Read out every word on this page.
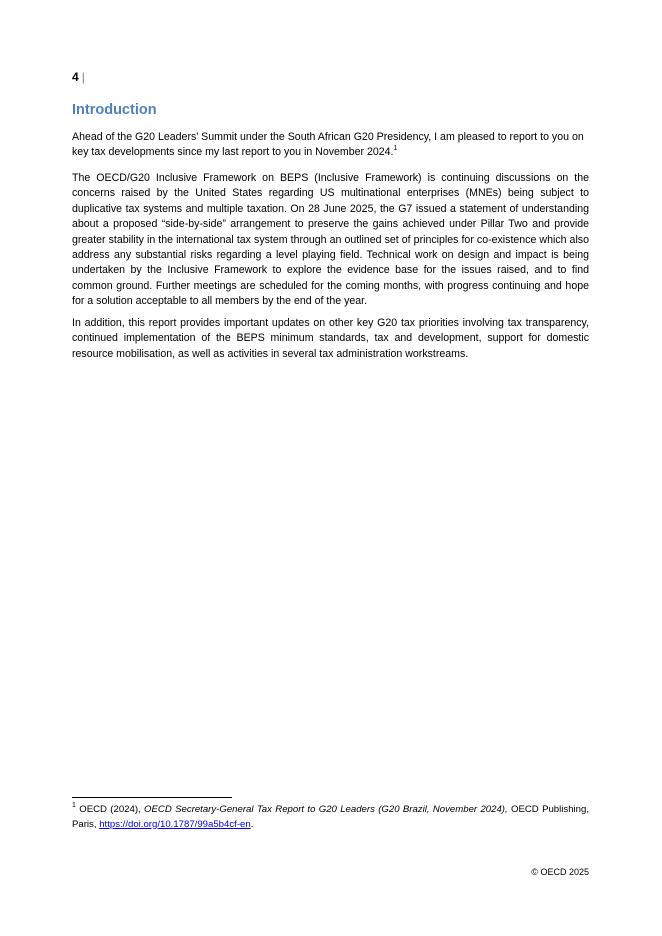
4 |
Introduction

Ahead of the G20 Leaders’ Summit under the South African G20 Presidency, I am pleased to report to you on key tax developments since my last report to you in November 2024.$^1$

The OECD/G20 Inclusive Framework on BEPS (Inclusive Framework) is continuing discussions on the concerns raised by the United States regarding US multinational enterprises (MNEs) being subject to duplicative tax systems and multiple taxation. On 28 June 2025, the G7 issued a statement of understanding about a proposed “side-by-side” arrangement to preserve the gains achieved under Pillar Two and provide greater stability in the international tax system through an outlined set of principles for co-existence which also address any substantial risks regarding a level playing field. Technical work on design and impact is being undertaken by the Inclusive Framework to explore the evidence base for the issues raised, and to find common ground. Further meetings are scheduled for the coming months, with progress continuing and hope for a solution acceptable to all members by the end of the year.

In addition, this report provides important updates on other key G20 tax priorities involving tax transparency, continued implementation of the BEPS minimum standards, tax and development, support for domestic resource mobilisation, as well as activities in several tax administration workstreams.

$^1$ OECD (2024), OECD Secretary-General Tax Report to G20 Leaders (G20 Brazil, November 2024), OECD Publishing, Paris, https://doi.org/10.1787/99a5b4cf-en.

© OECD 2025
